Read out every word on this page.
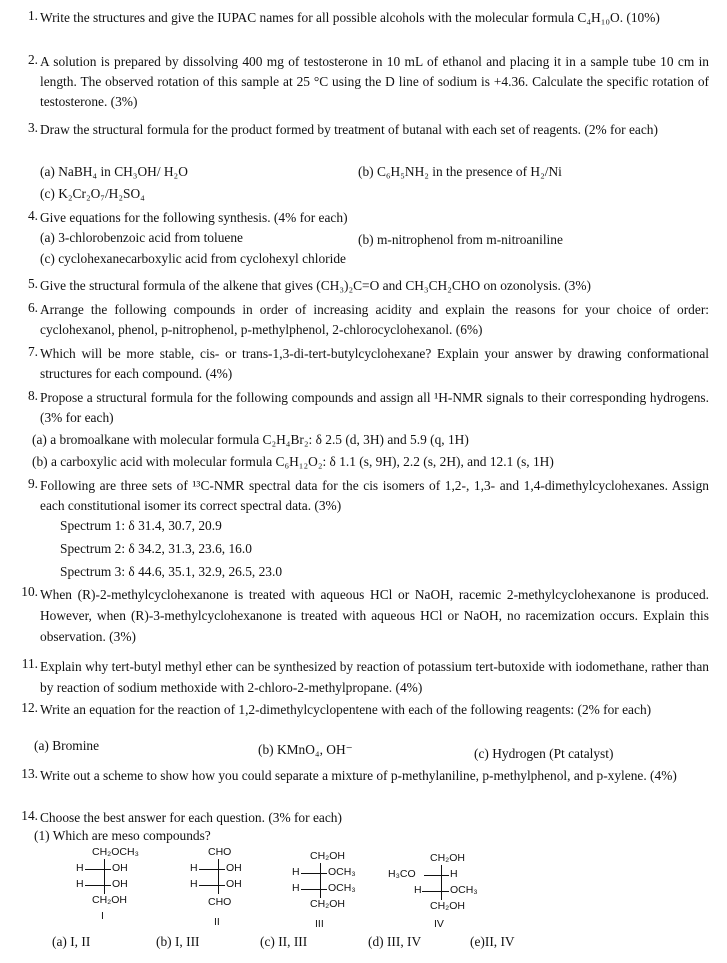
1. Write the structures and give the IUPAC names for all possible alcohols with the molecular formula C₄H₁₀O. (10%)
2. A solution is prepared by dissolving 400 mg of testosterone in 10 mL of ethanol and placing it in a sample tube 10 cm in length. The observed rotation of this sample at 25 °C using the D line of sodium is +4.36. Calculate the specific rotation of testosterone. (3%)
3. Draw the structural formula for the product formed by treatment of butanal with each set of reagents. (2% for each)
(a) NaBH₄ in CH₃OH/ H₂O	(b) C₆H₅NH₂ in the presence of H₂/Ni
(c) K₂Cr₂O₇/H₂SO₄
4. Give equations for the following synthesis. (4% for each)
(a) 3-chlorobenzoic acid from toluene	(b) m-nitrophenol from m-nitroaniline
(c) cyclohexanecarboxylic acid from cyclohexyl chloride
5. Give the structural formula of the alkene that gives (CH₃)₂C=O and CH₃CH₂CHO on ozonolysis. (3%)
6. Arrange the following compounds in order of increasing acidity and explain the reasons for your choice of order: cyclohexanol, phenol, p-nitrophenol, p-methylphenol, 2-chlorocyclohexanol. (6%)
7. Which will be more stable, cis- or trans-1,3-di-tert-butylcyclohexane? Explain your answer by drawing conformational structures for each compound. (4%)
8. Propose a structural formula for the following compounds and assign all ¹H-NMR signals to their corresponding hydrogens. (3% for each)
(a) a bromoalkane with molecular formula C₂H₄Br₂: δ 2.5 (d, 3H) and 5.9 (q, 1H)
(b) a carboxylic acid with molecular formula C₆H₁₂O₂: δ 1.1 (s, 9H), 2.2 (s, 2H), and 12.1 (s, 1H)
9. Following are three sets of ¹³C-NMR spectral data for the cis isomers of 1,2-, 1,3- and 1,4-dimethylcyclohexanes. Assign each constitutional isomer its correct spectral data. (3%)
Spectrum 1: δ 31.4, 30.7, 20.9
Spectrum 2: δ 34.2, 31.3, 23.6, 16.0
Spectrum 3: δ 44.6, 35.1, 32.9, 26.5, 23.0
10. When (R)-2-methylcyclohexanone is treated with aqueous HCl or NaOH, racemic 2-methylcyclohexanone is produced. However, when (R)-3-methylcyclohexanone is treated with aqueous HCl or NaOH, no racemization occurs. Explain this observation. (3%)
11. Explain why tert-butyl methyl ether can be synthesized by reaction of potassium tert-butoxide with iodomethane, rather than by reaction of sodium methoxide with 2-chloro-2-methylpropane. (4%)
12. Write an equation for the reaction of 1,2-dimethylcyclopentene with each of the following reagents: (2% for each)
(a) Bromine	(b) KMnO₄, OH⁻	(c) Hydrogen (Pt catalyst)
13. Write out a scheme to show how you could separate a mixture of p-methylaniline, p-methylphenol, and p-xylene. (4%)
14. Choose the best answer for each question. (3% for each)
(1) Which are meso compounds?
(a) I, II	(b) I, III	(c) II, III	(d) III, IV	(e)II, IV
CH₂OCH₃
H	OH
H	OH
CH₂OH
I
CHO
H	OH
H	OH
CHO
II
CH₂OH
H	OCH₃
H	OCH₃
CH₂OH
III
CH₂OH
H₃CO	H
H	OCH₃
CH₂OH
IV
